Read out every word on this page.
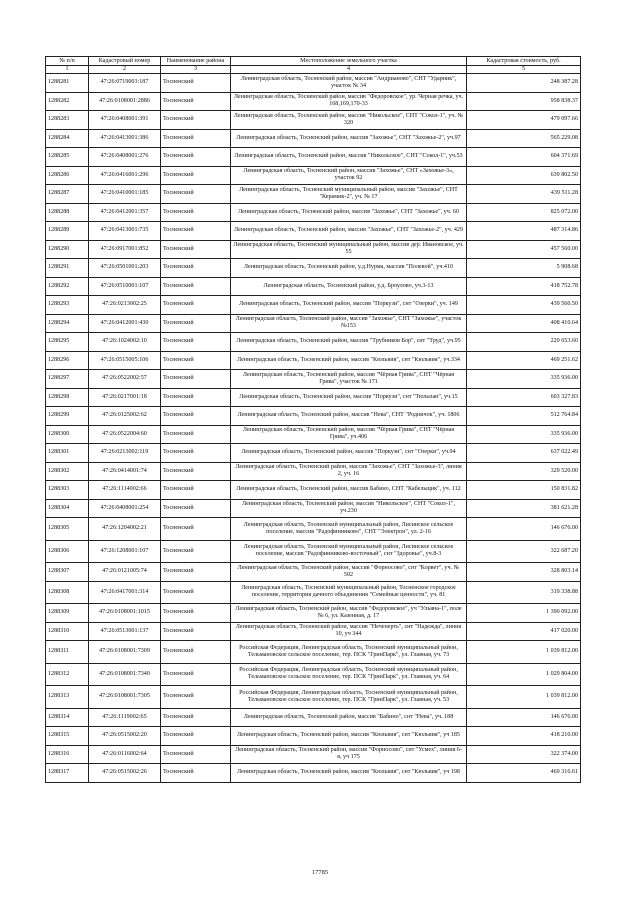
№ п/п	Кадастровый номер	Наименование района	Местоположение земельного участка	Кадастровая стоимость, руб.
1	2	3	4	5
1288281	47:26:0719003:187	Тосненский	Ленинградская область, Тосненский район, массив "Андрианово", СНТ "Ударник", участок № 34	248 387.28
1288282	47:26:0108001:2886	Тосненский	Ленинградская область, Тосненский район, массив "Федоровское", ур. Черная речка, уч. 168,169,170-33	958 838.37
1288283	47:26:0408001:391	Тосненский	Ленинградская область, Тосненский район, массив "Никольское", СНТ "Сокол-1", уч. № 320	479 097.66
1288284	47:26:0413001:386	Тосненский	Ленинградская область, Тосненский район, массив "Захожье", СНТ "Захожье-2", уч.97	565 229.08
1288285	47:26:0408001:276	Тосненский	Ленинградская область, Тосненский район, массив "Никольское", СНТ "Сокол-1", уч.53	604 371.69
1288286	47:26:0416001:296	Тосненский	Ленинградская область, Тосненский район, массив "Захожье", СНТ «Захожье-3», участок 92	639 802.50
1288287	47:26:0410001:185	Тосненский	Ленинградская область, Тосненский муниципальный район, массив "Захожье", СНТ "Керамик-2", уч. № 17	439 511.28
1288288	47:26:0412001:357	Тосненский	Ленинградская область, Тосненский район, массив "Захожье", СНТ "Захожье", уч. 60	825 072.00
1288289	47:26:0413001:735	Тосненский	Ленинградская область, Тосненский район, массив "Захожье", СНТ "Захожье-2", уч. 429	487 314.86
1288290	47:26:0917001:852	Тосненский	Ленинградская область, Тосненский муниципальный район, массив дер. Ивановское, уч. 55	457 560.00
1288291	47:26:0501001:203	Тосненский	Ленинградская область, Тосненский район, у.д.Нурма, массив "Полевой", уч.410	5 908.68
1288292	47:26:0510001:107	Тосненский	Ленинградская область, Тосненский район, у.д. Броулово, уч.3-13	418 752.78
1288293	47:26:0213002:25	Тосненский	Ленинградская область, Тосненский район, массив "Поркузи", снт "Озерки", уч. 149	439 560.50
1288294	47:26:0412001:430	Тосненский	Ленинградская область, Тосненский район, массив "Захожье", СНТ "Захожье", участок №153	408 410.64
1288295	47:26:1024002:10	Тосненский	Ленинградская область, Тосненский район, массив "Трубников Бор", снт "Труд", уч.95	229 653.60
1288296	47:26:0515005:106	Тосненский	Ленинградская область, Тосненский район, массив "Кюльвия", снт "Кюльвия", уч.334	469 251.62
1288297	47:26:0522002:57	Тосненский	Ленинградская область, Тосненский район, массив "Чёрная Грива", СНТ "Чёрная Грива", участок № 171	335 936.00
1288298	47:26:0217001:18	Тосненский	Ленинградская область, Тосненский район, массив "Поркузи", снт "Тюльпан", уч.15	603 327.83
1288299	47:26:0125002:62	Тосненский	Ленинградская область, Тосненский район, массив "Нева", СНТ "Родничок", уч. 1806	512 764.84
1288300	47:26:0522004:60	Тосненский	Ленинградская область, Тосненский район, массив "Чёрная Грива", СНТ "Чёрная Грива", уч.406	335 936.00
1288301	47:26:0213002:119	Тосненский	Ленинградская область, Тосненский район, массив "Поркузи", снт "Озерки", уч.94	637 022.49
1288302	47:26:0414001:74	Тосненский	Ленинградская область, Тосненский район, массив "Захожье", СНТ "Захожье-3", линия 2, уч. 16	329 520.00
1288303	47:26:1114002:66	Тосненский	Ленинградская область, Тосненский район, массив Бабино, СНТ "Кабельщик", уч. 112	150 831.82
1288304	47:26:0408001:254	Тосненский	Ленинградская область, Тосненский район, массив "Никольское", СНТ "Сокол-1", уч.230	381 621.28
1288305	47:26:1204002:21	Тосненский	Ленинградская область, Тосненский муниципальный район, Лисинское сельское поселение, массив "Радофинниково", СНТ "Электрон", ул. 2-16	146 676.00
1288306	47:26:1208001:107	Тосненский	Ленинградская область, Тосненский муниципальный район, Лисинское сельское поселение, массив "Радофинниково-восточный", снт "Здоровье", уч.8-3	322 687.20
1288307	47:26:0121005:74	Тосненский	Ленинградская область, Тосненский район, массив "Форносово", снт "Корвет", уч. № 502	328 803.14
1288308	47:26:0417001:314	Тосненский	Ленинградская область, Тосненский муниципальный район, Тосненское городское поселение, территория дачного объединения "Семейные ценности", уч. 81	319 338.88
1288309	47:26:0108001:1015	Тосненский	Ленинградская область, Тосненский район, массив "Федоровское", уч "Ульяна-1", поле № 6, ул. Казенная, д. 17	1 390 092.00
1288310	47:26:0513001:137	Тосненский	Ленинградская область, Тосненский район, массив "Нечеперть", снт "Надежда", линия 10, уч 344	417 020.00
1288311	47:26:0108001:7309	Тосненский	Российская Федерация, Ленинградская область, Тосненский муниципальный район, Тельмановское сельское поселение, тер. ПСК "ГринПарк", ул. Главная, уч. 73	1 039 812.00
1288312	47:26:0108001:7340	Тосненский	Российская Федерация, Ленинградская область, Тосненский муниципальный район, Тельмановское сельское поселение, тер. ПСК "ГринПарк", ул. Главная, уч. 64	1 029 804.00
1288313	47:26:0108001:7305	Тосненский	Российская Федерация, Ленинградская область, Тосненский муниципальный район, Тельмановское сельское поселение, тер. ПСК "ГринПарк", ул. Главная, уч. 53	1 039 812.00
1288314	47:26:1119002:65	Тосненский	Ленинградская область, Тосненский район, массив "Бабино", снт "Нева", уч. 188	146 676.00
1288315	47:26:0515002:20	Тосненский	Ленинградская область, Тосненский район, массив "Кюльвия", снт "Кюльвия", уч 185	418 210.00
1288316	47:26:0116002:64	Тосненский	Ленинградская область, Тосненский район, массив "Форносово", снт "Усмех", линия 6-я, уч 175	322 374.00
1288317	47:26:0515002:26	Тосненский	Ленинградская область, Тосненский район, массив "Кюльвия", снт "Кюльвия", уч 198	469 316.61
17785
